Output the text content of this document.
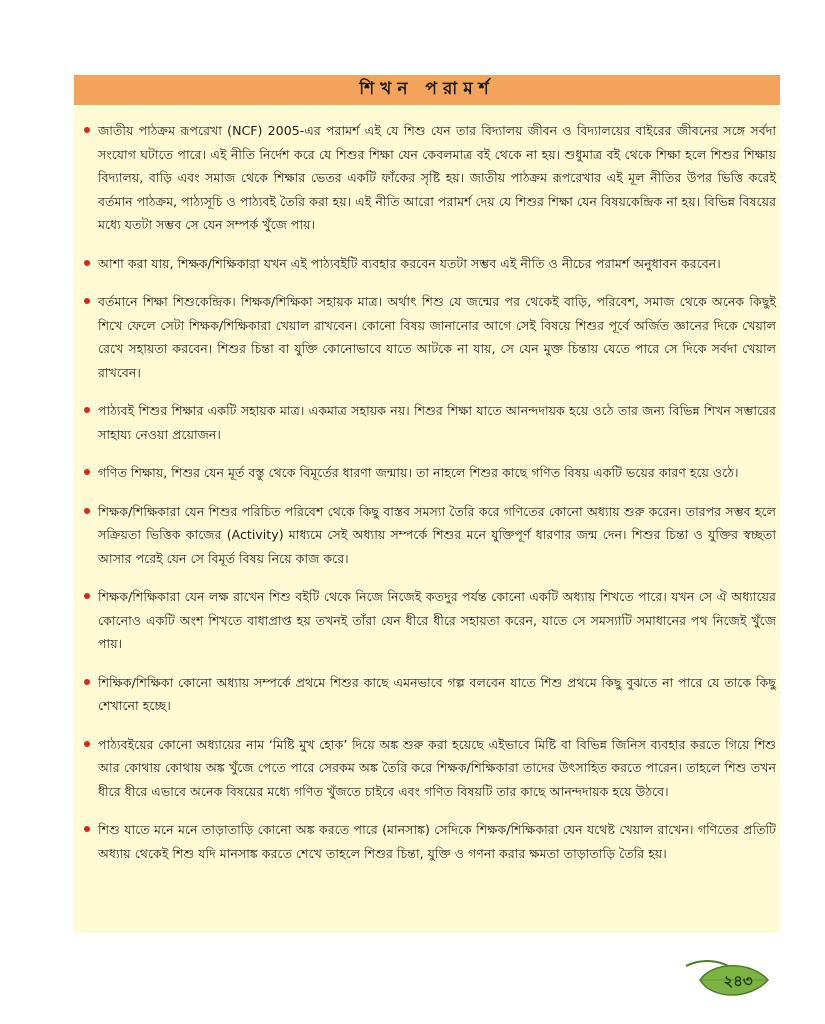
শিখন পরামর্শ
জাতীয় পাঠক্রম রূপরেখা (NCF) 2005-এর পরামর্শ এই যে শিশু যেন তার বিদ্যালয় জীবন ও বিদ্যালয়ের বাইরের জীবনের সঙ্গে সর্বদা সংযোগ ঘটাতে পারে। এই নীতি নির্দেশ করে যে শিশুর শিক্ষা যেন কেবলমাত্র বই থেকে না হয়। শুধুমাত্র বই থেকে শিক্ষা হলে শিশুর শিক্ষায় বিদ্যালয়, বাড়ি এবং সমাজ থেকে শিক্ষার ভেতর একটি ফাঁকের সৃষ্টি হয়। জাতীয় পাঠক্রম রূপরেখার এই মূল নীতির উপর ভিত্তি করেই বর্তমান পাঠক্রম, পাঠ্যসূচি ও পাঠ্যবই তৈরি করা হয়। এই নীতি আরো পরামর্শ দেয় যে শিশুর শিক্ষা যেন বিষয়কেন্দ্রিক না হয়। বিভিন্ন বিষয়ের মধ্যে যতটা সম্ভব সে যেন সম্পর্ক খুঁজে পায়।
আশা করা যায়, শিক্ষক/শিক্ষিকারা যখন এই পাঠ্যবইটি ব্যবহার করবেন যতটা সম্ভব এই নীতি ও নীচের পরামর্শ অনুধাবন করবেন।
বর্তমানে শিক্ষা শিশুকেন্দ্রিক। শিক্ষক/শিক্ষিকা সহায়ক মাত্র। অর্থাৎ শিশু যে জন্মের পর থেকেই বাড়ি, পরিবেশ, সমাজ থেকে অনেক কিছুই শিখে ফেলে সেটা শিক্ষক/শিক্ষিকারা খেয়াল রাখবেন। কোনো বিষয় জানানোর আগে সেই বিষয়ে শিশুর পূর্বে অর্জিত জ্ঞানের দিকে খেয়াল রেখে সহায়তা করবেন। শিশুর চিন্তা বা যুক্তি কোনোভাবে যাতে আটকে না যায়, সে যেন মুক্ত চিন্তায় যেতে পারে সে দিকে সর্বদা খেয়াল রাখবেন।
পাঠ্যবই শিশুর শিক্ষার একটি সহায়ক মাত্র। একমাত্র সহায়ক নয়। শিশুর শিক্ষা যাতে আনন্দদায়ক হয়ে ওঠে তার জন্য বিভিন্ন শিখন সম্ভারের সাহায্য নেওয়া প্রয়োজন।
গণিত শিক্ষায়, শিশুর যেন মূর্ত বস্তু থেকে বিমূর্তের ধারণা জন্মায়। তা নাহলে শিশুর কাছে গণিত বিষয় একটি ভয়ের কারণ হয়ে ওঠে।
শিক্ষক/শিক্ষিকারা যেন শিশুর পরিচিত পরিবেশ থেকে কিছু বাস্তব সমস্যা তৈরি করে গণিতের কোনো অধ্যায় শুরু করেন। তারপর সম্ভব হলে সক্রিয়তা ভিত্তিক কাজের (Activity) মাধ্যমে সেই অধ্যায় সম্পর্কে শিশুর মনে যুক্তিপূর্ণ ধারণার জন্ম দেন। শিশুর চিন্তা ও যুক্তির স্বচ্ছতা আসার পরেই যেন সে বিমূর্ত বিষয় নিয়ে কাজ করে।
শিক্ষক/শিক্ষিকারা যেন লক্ষ রাখেন শিশু বইটি থেকে নিজে নিজেই কতদুর পর্যন্ত কোনো একটি অধ্যায় শিখতে পারে। যখন সে ঐ অধ্যায়ের কোনোও একটি অংশ শিখতে বাধাপ্রাপ্ত হয় তখনই তাঁরা যেন ধীরে ধীরে সহায়তা করেন, যাতে সে সমস্যাটি সমাধানের পথ নিজেই খুঁজে পায়।
শিক্ষিক/শিক্ষিকা কোনো অধ্যায় সম্পর্কে প্রথমে শিশুর কাছে এমনভাবে গল্প বলবেন যাতে শিশু প্রথমে কিছু বুঝতে না পারে যে তাকে কিছু শেখানো হচ্ছে।
পাঠ্যবইয়ের কোনো অধ্যায়ের নাম ‘মিষ্টি মুখ হোক’ দিয়ে অঙ্ক শুরু করা হয়েছে এইভাবে মিষ্টি বা বিভিন্ন জিনিস ব্যবহার করতে গিয়ে শিশু আর কোথায় কোথায় অঙ্ক খুঁজে পেতে পারে সেরকম অঙ্ক তৈরি করে শিক্ষক/শিক্ষিকারা তাদের উৎসাহিত করতে পারেন। তাহলে শিশু তখন ধীরে ধীরে এভাবে অনেক বিষয়ের মধ্যে গণিত খুঁজতে চাইবে এবং গণিত বিষয়টি তার কাছে আনন্দদায়ক হয়ে উঠবে।
শিশু যাতে মনে মনে তাড়াতাড়ি কোনো অঙ্ক করতে পারে (মানসাঙ্ক) সেদিকে শিক্ষক/শিক্ষিকারা যেন যথেষ্ট খেয়াল রাখেন। গণিতের প্রতিটি অধ্যায় থেকেই শিশু যদি মানসাঙ্ক করতে শেখে তাহলে শিশুর চিন্তা, যুক্তি ও গণনা করার ক্ষমতা তাড়াতাড়ি তৈরি হয়।
২৪৩
